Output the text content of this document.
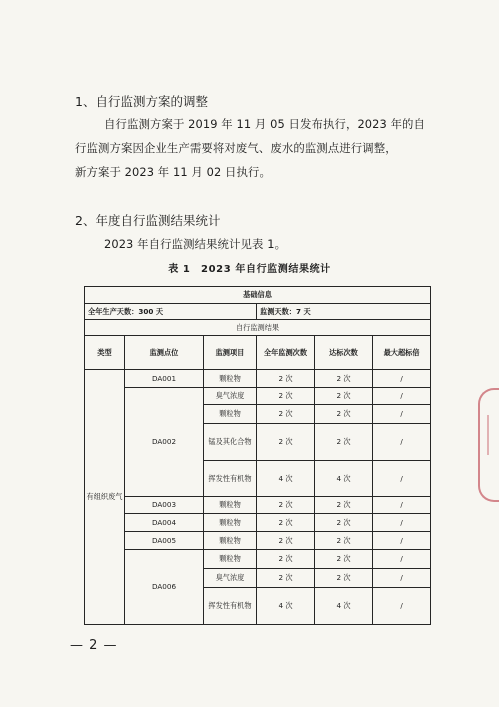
1、自行监测方案的调整
自行监测方案于 2019 年 11 月 05 日发布执行，2023 年的自
行监测方案因企业生产需要将对废气、废水的监测点进行调整，
新方案于 2023 年 11 月 02 日执行。
2、年度自行监测结果统计
2023 年自行监测结果统计见表 1。
表 1　2023 年自行监测结果统计
基础信息					
全年生产天数：300 天			监测天数：7 天		
自行监测结果					
类型	监测点位	监测项目	全年监测次数	达标次数	最大超标倍
有组织废气	DA001	颗粒物	2 次	2 次	/
	DA002	臭气浓度	2 次	2 次	/
		颗粒物	2 次	2 次	/
		锰及其化合物	2 次	2 次	/
		挥发性有机物	4 次	4 次	/
	DA003	颗粒物	2 次	2 次	/
	DA004	颗粒物	2 次	2 次	/
	DA005	颗粒物	2 次	2 次	/
	DA006	颗粒物	2 次	2 次	/
		臭气浓度	2 次	2 次	/
		挥发性有机物	4 次	4 次	/
— 2 —
